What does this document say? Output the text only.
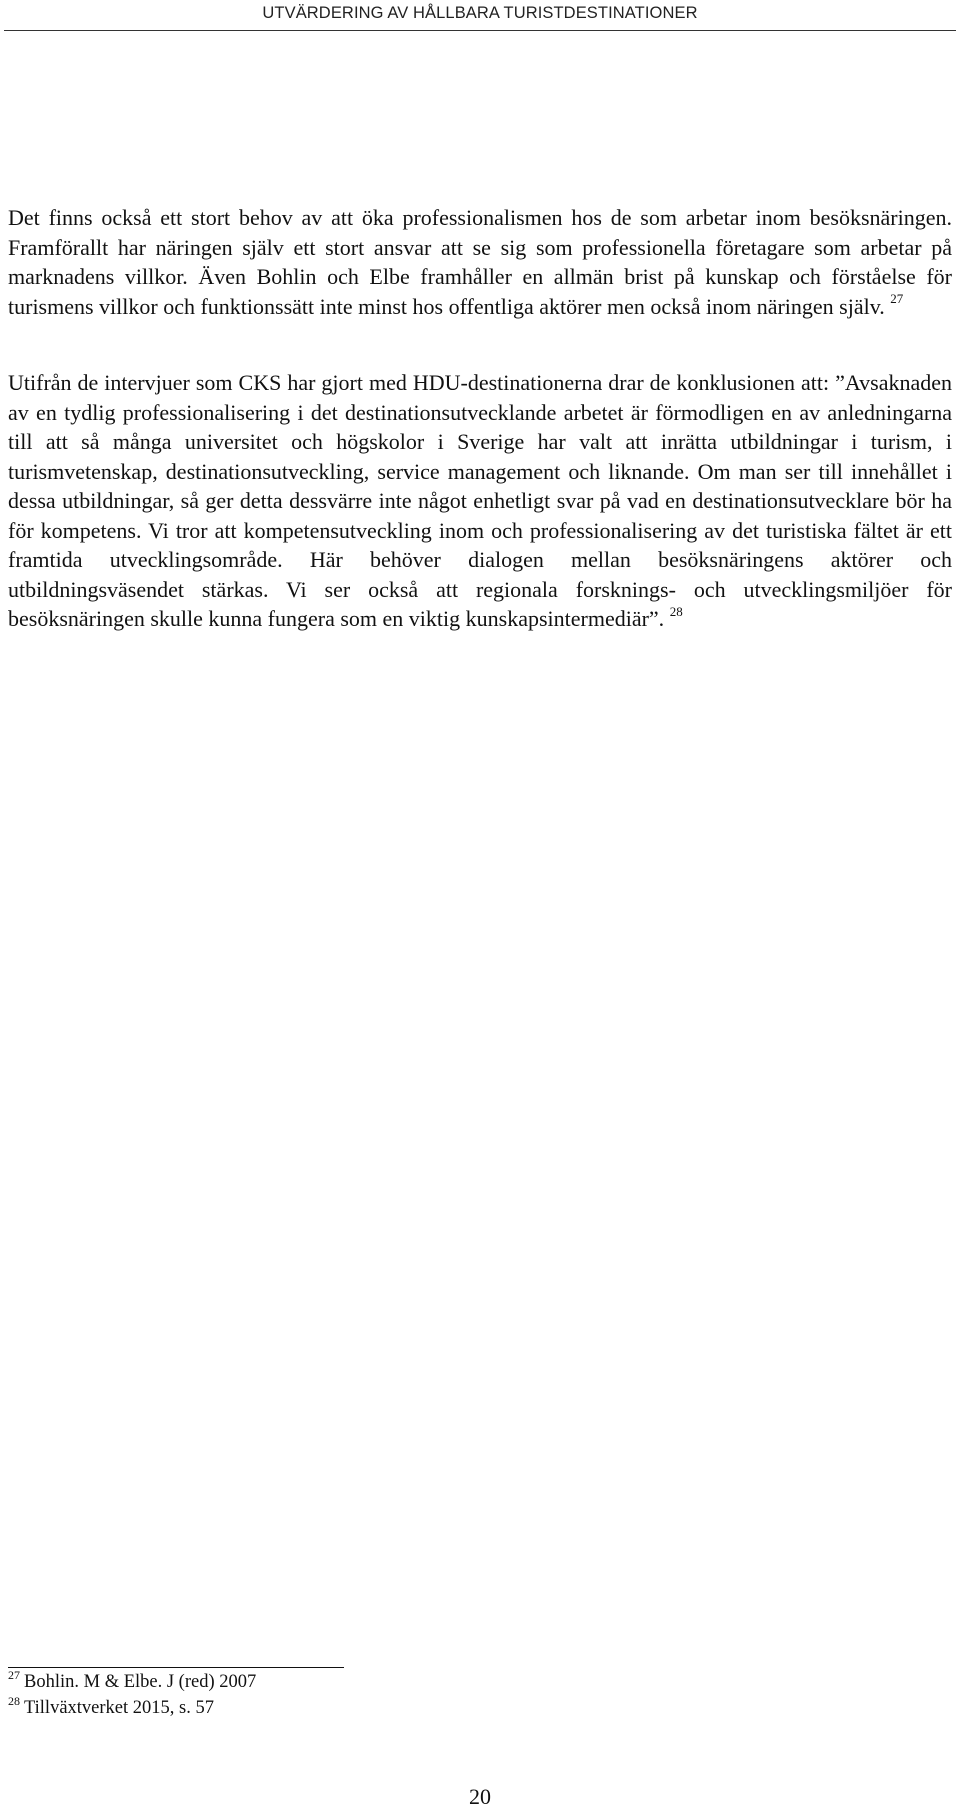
UTVÄRDERING AV HÅLLBARA TURISTDESTINATIONER

Det finns också ett stort behov av att öka professionalismen hos de som arbetar inom besöksnäringen. Framförallt har näringen själv ett stort ansvar att se sig som professionella företagare som arbetar på marknadens villkor. Även Bohlin och Elbe framhåller en allmän brist på kunskap och förståelse för turismens villkor och funktionssätt inte minst hos offentliga aktörer men också inom näringen själv. $^{27}$

Utifrån de intervjuer som CKS har gjort med HDU-destinationerna drar de konklusionen att: ”Avsaknaden av en tydlig professionalisering i det destinationsutvecklande arbetet är förmodligen en av anledningarna till att så många universitet och högskolor i Sverige har valt att inrätta utbildningar i turism, i turismvetenskap, destinationsutveckling, service management och liknande. Om man ser till innehållet i dessa utbildningar, så ger detta dessvärre inte något enhetligt svar på vad en destinationsutvecklare bör ha för kompetens. Vi tror att kompetensutveckling inom och professionalisering av det turistiska fältet är ett framtida utvecklingsområde. Här behöver dialogen mellan besöksnäringens aktörer och utbildningsväsendet stärkas. Vi ser också att regionala forsknings- och utvecklingsmiljöer för besöksnäringen skulle kunna fungera som en viktig kunskapsintermediär”. $^{28}$

$^{27}$ Bohlin. M & Elbe. J (red) 2007
$^{28}$ Tillväxtverket 2015, s. 57
20
